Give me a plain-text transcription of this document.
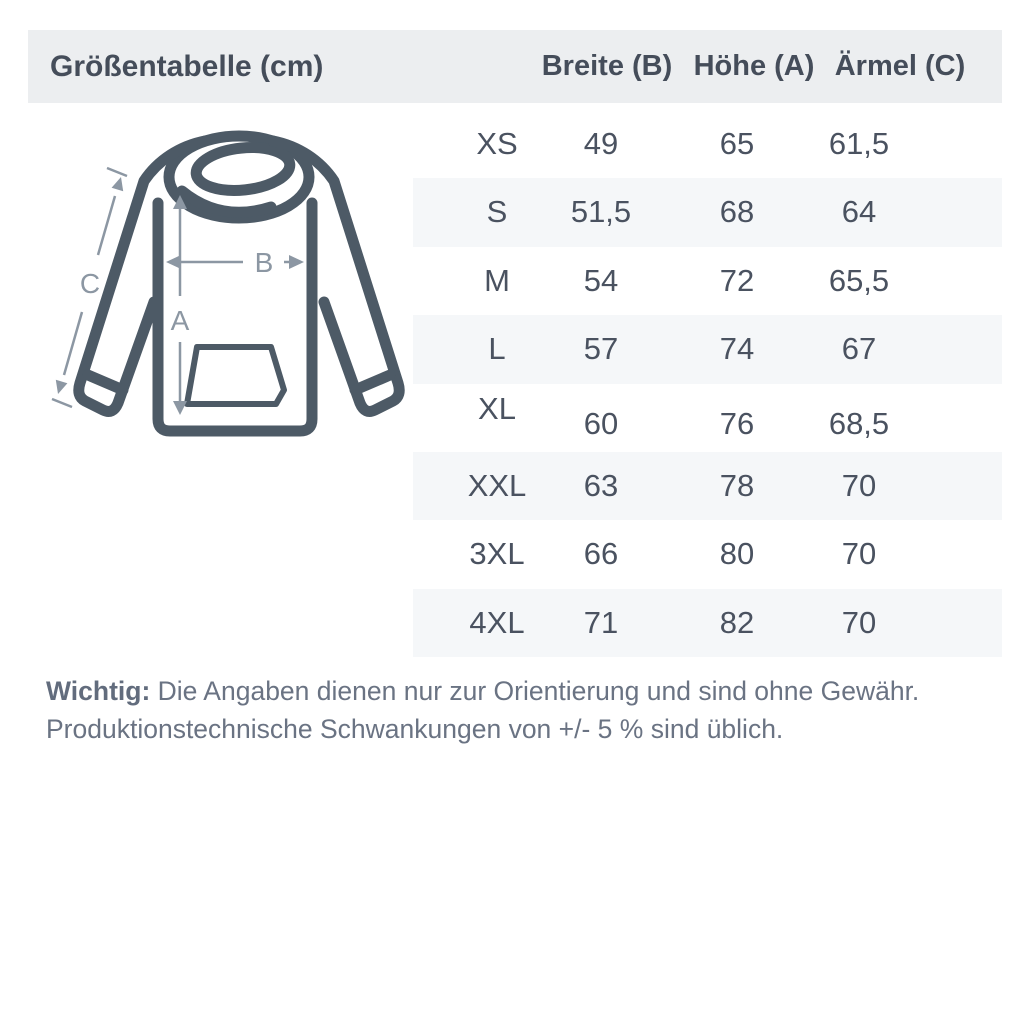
Größentabelle (cm)	Breite (B) Höhe (A) Ärmel (C)
A
B
C
XS 49	65 61,5
S 51,5	68	64
M 54	72 65,5
L	57	74	67
XL 60	76 68,5
XXL 63	78	70
3XL 66	80	70
4XL 71	82	70

Wichtig: Die Angaben dienen nur zur Orientierung und sind ohne Gewähr.
Produktionstechnische Schwankungen von +/- 5 % sind üblich.
